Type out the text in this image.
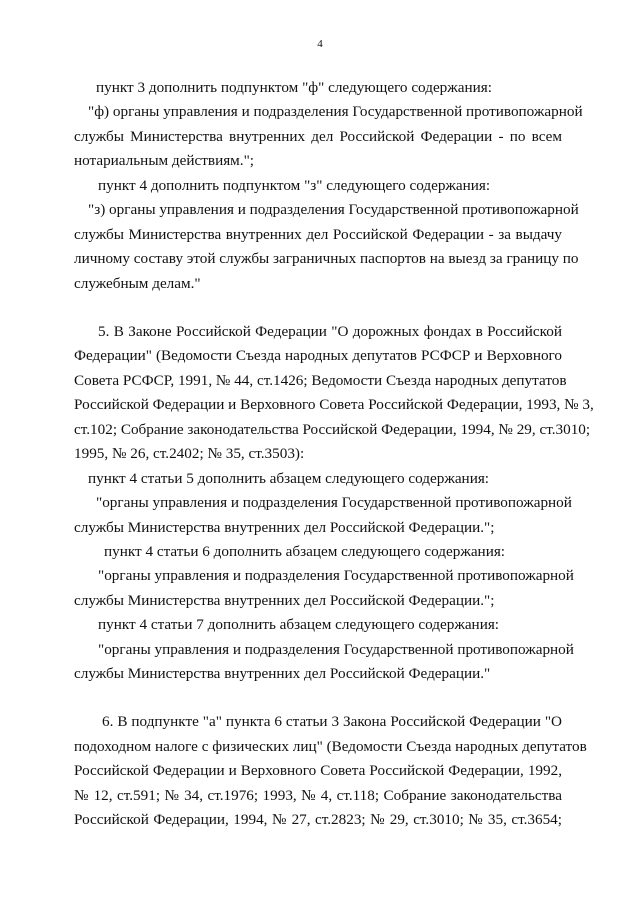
4
пункт 3 дополнить подпунктом "ф" следующего содержания:
"ф) органы управления и подразделения Государственной противопожарной
службы Министерства внутренних дел Российской Федерации - по всем
нотариальным действиям.";
пункт 4 дополнить подпунктом "з" следующего содержания:
"з) органы управления и подразделения Государственной противопожарной
службы Министерства внутренних дел Российской Федерации - за выдачу
личному составу этой службы заграничных паспортов на выезд за границу по
служебным делам."
5. В Законе Российской Федерации "О дорожных фондах в Российской
Федерации" (Ведомости Съезда народных депутатов РСФСР и Верховного
Совета РСФСР, 1991, № 44, ст.1426; Ведомости Съезда народных депутатов
Российской Федерации и Верховного Совета Российской Федерации, 1993, № 3,
ст.102; Собрание законодательства Российской Федерации, 1994, № 29, ст.3010;
1995, № 26, ст.2402; № 35, ст.3503):
пункт 4 статьи 5 дополнить абзацем следующего содержания:
"органы управления и подразделения Государственной противопожарной
службы Министерства внутренних дел Российской Федерации.";
пункт 4 статьи 6 дополнить абзацем следующего содержания:
"органы управления и подразделения Государственной противопожарной
службы Министерства внутренних дел Российской Федерации.";
пункт 4 статьи 7 дополнить абзацем следующего содержания:
"органы управления и подразделения Государственной противопожарной
службы Министерства внутренних дел Российской Федерации."
6. В подпункте "а" пункта 6 статьи 3 Закона Российской Федерации "О
подоходном налоге с физических лиц" (Ведомости Съезда народных депутатов
Российской Федерации и Верховного Совета Российской Федерации, 1992,
№ 12, ст.591; № 34, ст.1976; 1993, № 4, ст.118; Собрание законодательства
Российской Федерации, 1994, № 27, ст.2823; № 29, ст.3010; № 35, ст.3654;
